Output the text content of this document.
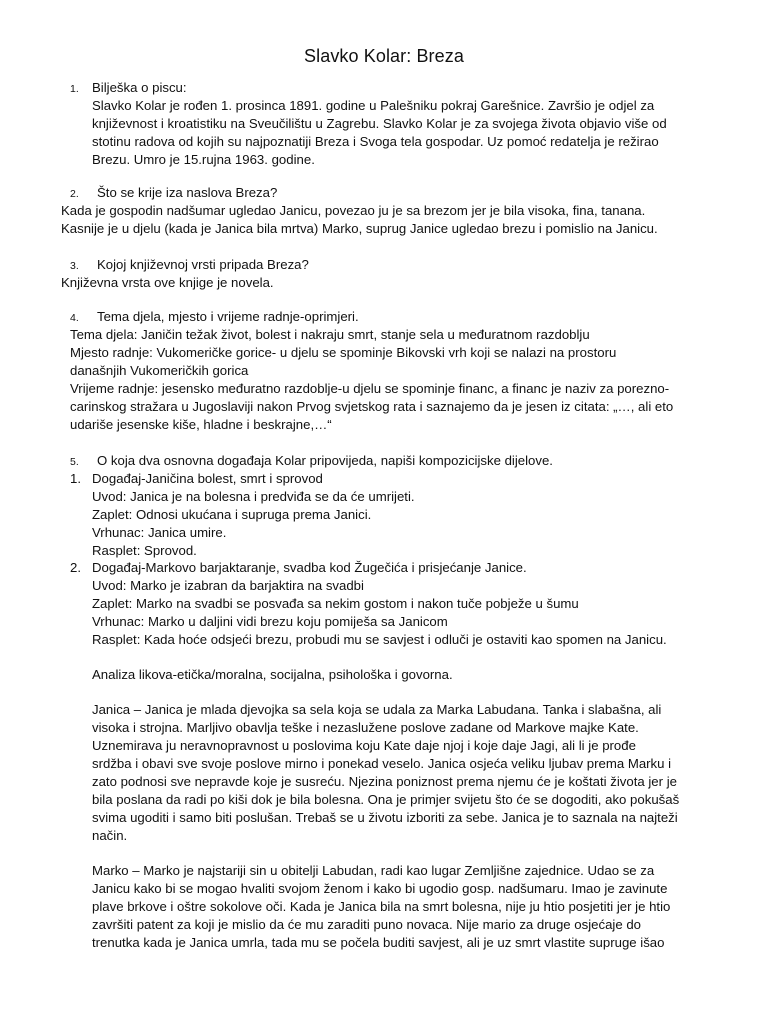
Slavko Kolar: Breza
1. Bilješka o piscu:
Slavko Kolar je rođen 1. prosinca 1891. godine u Palešniku pokraj Garešnice. Završio je odjel za
književnost i kroatistiku na Sveučilištu u Zagrebu. Slavko Kolar je za svojega života objavio više od
stotinu radova od kojih su najpoznatiji Breza i Svoga tela gospodar. Uz pomoć redatelja je režirao
Brezu. Umro je 15.rujna 1963. godine.
2. Što se krije iza naslova Breza?
Kada je gospodin nadšumar ugledao Janicu, povezao ju je sa brezom jer je bila visoka, fina, tanana.
Kasnije je u djelu (kada je Janica bila mrtva) Marko, suprug Janice ugledao brezu i pomislio na Janicu.
3. Kojoj književnoj vrsti pripada Breza?
Književna vrsta ove knjige je novela.
4. Tema djela, mjesto i vrijeme radnje-oprimjeri.
Tema djela: Janičin težak život, bolest i nakraju smrt, stanje sela u međuratnom razdoblju
Mjesto radnje: Vukomeričke gorice- u djelu se spominje Bikovski vrh koji se nalazi na prostoru
današnjih Vukomeričkih gorica
Vrijeme radnje: jesensko međuratno razdoblje-u djelu se spominje financ, a financ je naziv za porezno-
carinskog stražara u Jugoslaviji nakon Prvog svjetskog rata i saznajemo da je jesen iz citata: „…, ali eto
udariše jesenske kiše, hladne i beskrajne,…“
5. O koja dva osnovna događaja Kolar pripovijeda, napiši kompozicijske dijelove.
1. Događaj-Janičina bolest, smrt i sprovod
Uvod: Janica je na bolesna i predviđa se da će umrijeti.
Zaplet: Odnosi ukućana i supruga prema Janici.
Vrhunac: Janica umire.
Rasplet: Sprovod.
2. Događaj-Markovo barjaktaranje, svadba kod Žugečića i prisjećanje Janice.
Uvod: Marko je izabran da barjaktira na svadbi
Zaplet: Marko na svadbi se posvađa sa nekim gostom i nakon tuče pobježe u šumu
Vrhunac: Marko u daljini vidi brezu koju pomiješa sa Janicom
Rasplet: Kada hoće odsjeći brezu, probudi mu se savjest i odluči je ostaviti kao spomen na Janicu.
Analiza likova-etička/moralna, socijalna, psihološka i govorna.
Janica – Janica je mlada djevojka sa sela koja se udala za Marka Labudana. Tanka i slabašna, ali
visoka i strojna. Marljivo obavlja teške i nezaslužene poslove zadane od Markove majke Kate.
Uznemirava ju neravnopravnost u poslovima koju Kate daje njoj i koje daje Jagi, ali li je prođe
srdžba i obavi sve svoje poslove mirno i ponekad veselo. Janica osjeća veliku ljubav prema Marku i
zato podnosi sve nepravde koje je susreću. Njezina poniznost prema njemu će je koštati života jer je
bila poslana da radi po kiši dok je bila bolesna. Ona je primjer svijetu što će se dogoditi, ako pokušaš
svima ugoditi i samo biti poslušan. Trebaš se u životu izboriti za sebe. Janica je to saznala na najteži
način.
Marko – Marko je najstariji sin u obitelji Labudan, radi kao lugar Zemljišne zajednice. Udao se za
Janicu kako bi se mogao hvaliti svojom ženom i kako bi ugodio gosp. nadšumaru. Imao je zavinute
plave brkove i oštre sokolove oči. Kada je Janica bila na smrt bolesna, nije ju htio posjetiti jer je htio
završiti patent za koji je mislio da će mu zaraditi puno novaca. Nije mario za druge osjećaje do
trenutka kada je Janica umrla, tada mu se počela buditi savjest, ali je uz smrt vlastite supruge išao
